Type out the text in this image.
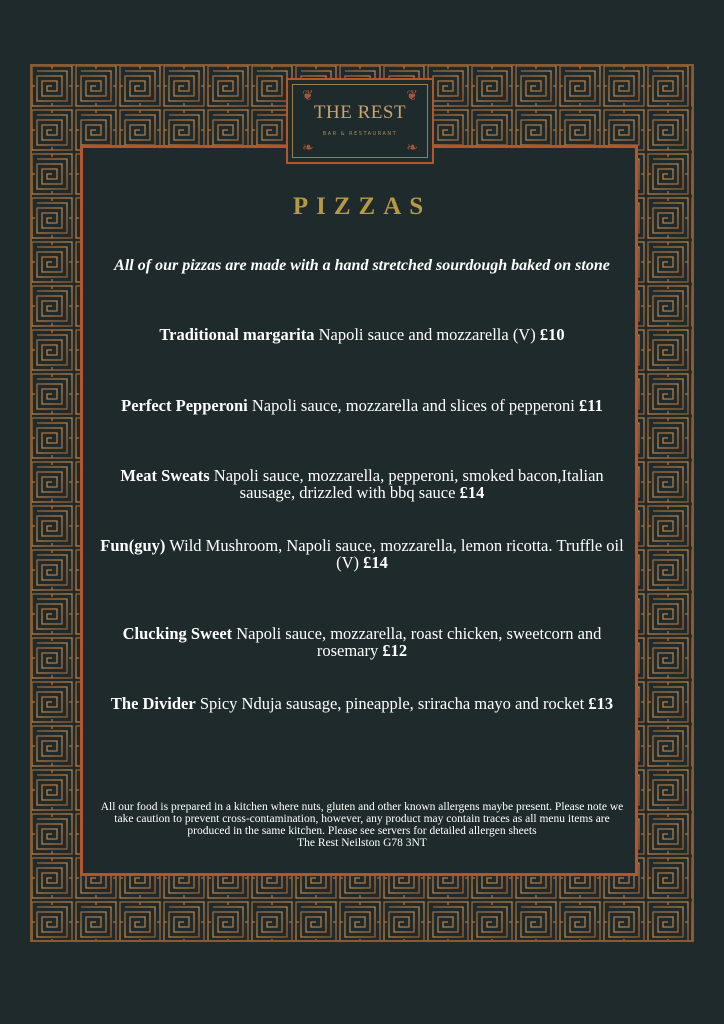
❦	❦
❧	❧
THE REST
BAR & RESTAURANT
PIZZAS
All of our pizzas are made with a hand stretched sourdough baked on stone
Traditional margarita Napoli sauce and mozzarella (V) £10
Perfect Pepperoni Napoli sauce, mozzarella and slices of pepperoni £11
Meat Sweats Napoli sauce, mozzarella, pepperoni, smoked bacon,Italian sausage, drizzled with bbq sauce £14
Fun(guy) Wild Mushroom, Napoli sauce, mozzarella, lemon ricotta. Truffle oil
(V) £14
Clucking Sweet Napoli sauce, mozzarella, roast chicken, sweetcorn and rosemary £12
The Divider Spicy Nduja sausage, pineapple, sriracha mayo and rocket £13
All our food is prepared in a kitchen where nuts, gluten and other known allergens maybe present. Please note we take caution to prevent cross-contamination, however, any product may contain traces as all menu items are produced in the same kitchen. Please see servers for detailed allergen sheets
The Rest Neilston G78 3NT
